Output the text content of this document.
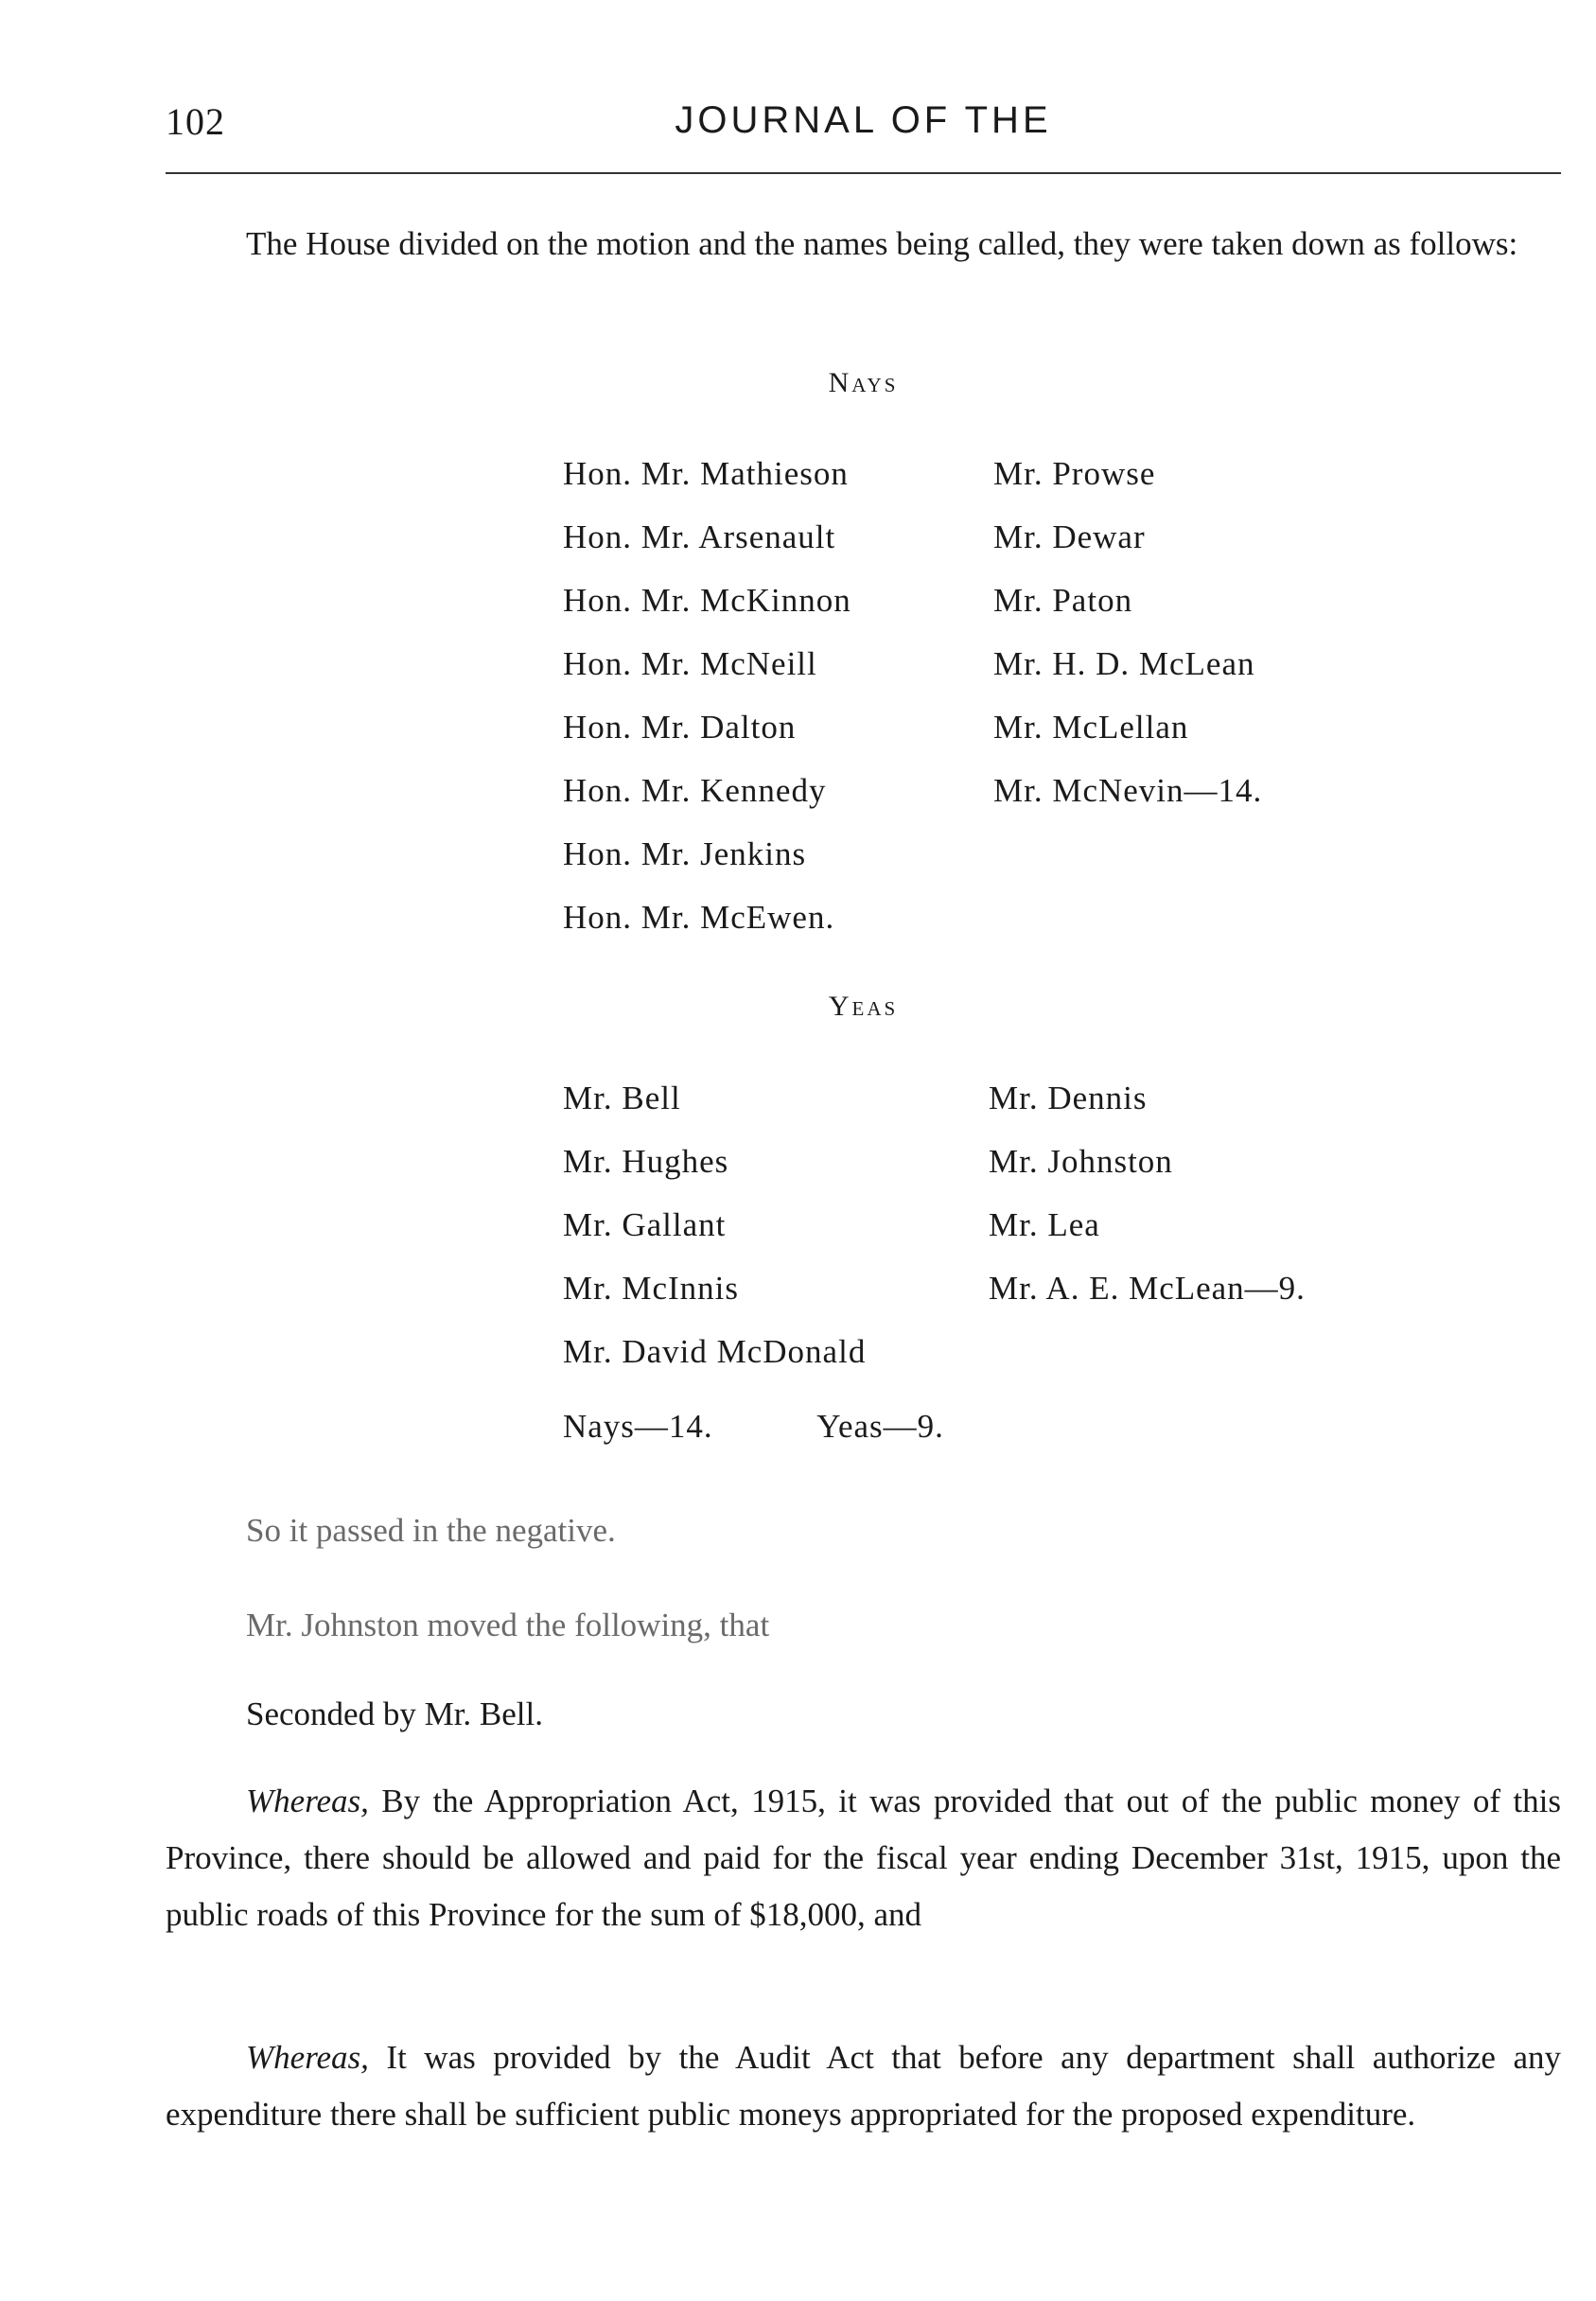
102	JOURNAL OF THE
The House divided on the motion and the names being called, they were taken down as follows:
Nays
Hon. Mr. Mathieson
Hon. Mr. Arsenault
Hon. Mr. McKinnon
Hon. Mr. McNeill
Hon. Mr. Dalton
Hon. Mr. Kennedy
Hon. Mr. Jenkins
Hon. Mr. McEwen.
Mr. Prowse
Mr. Dewar
Mr. Paton
Mr. H. D. McLean
Mr. McLellan
Mr. McNevin—14.
Yeas
Mr. Bell
Mr. Hughes
Mr. Gallant
Mr. McInnis
Mr. David McDonald
Mr. Dennis
Mr. Johnston
Mr. Lea
Mr. A. E. McLean—9.
Nays—14.	Yeas—9.
So it passed in the negative.
Mr. Johnston moved the following, that
Seconded by Mr. Bell.
Whereas, By the Appropriation Act, 1915, it was provided that out of the public money of this Province, there should be allowed and paid for the fiscal year ending December 31st, 1915, upon the public roads of this Province for the sum of $18,000, and
Whereas, It was provided by the Audit Act that before any department shall authorize any expenditure there shall be sufficient public moneys appropriated for the proposed expenditure.
